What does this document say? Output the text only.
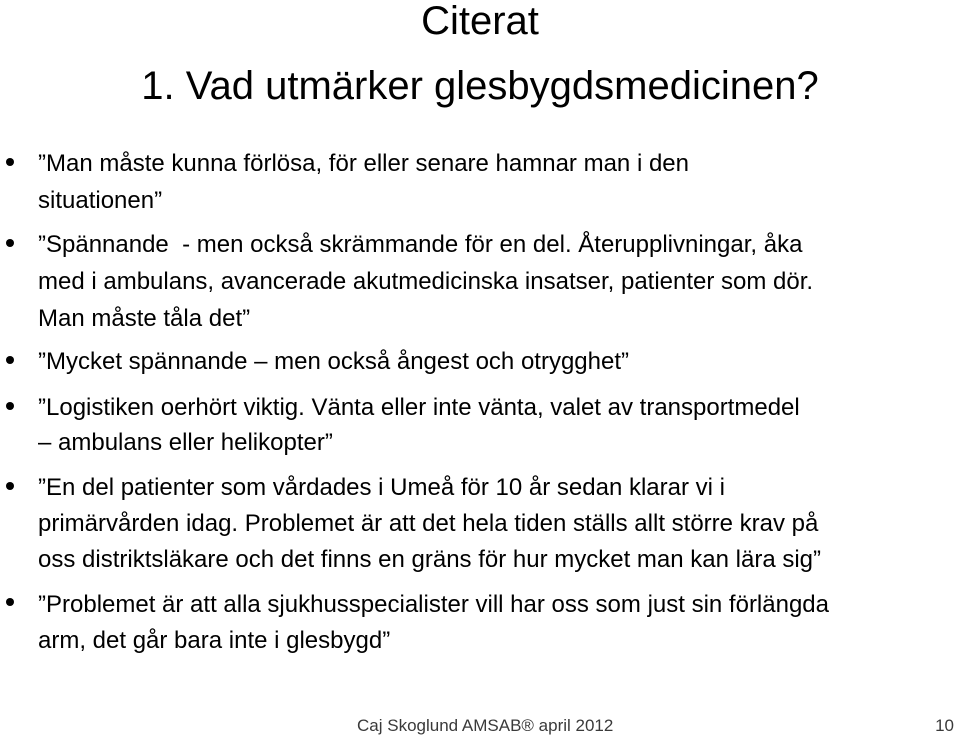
Citerat
1. Vad utmärker glesbygdsmedicinen?
”Man måste kunna förlösa, för eller senare hamnar man i den
situationen”
”Spännande  - men också skrämmande för en del. Återupplivningar, åka
med i ambulans, avancerade akutmedicinska insatser, patienter som dör.
Man måste tåla det”
”Mycket spännande – men också ångest och otrygghet”
”Logistiken oerhört viktig. Vänta eller inte vänta, valet av transportmedel
– ambulans eller helikopter”
”En del patienter som vårdades i Umeå för 10 år sedan klarar vi i
primärvården idag. Problemet är att det hela tiden ställs allt större krav på
oss distriktsläkare och det finns en gräns för hur mycket man kan lära sig”
”Problemet är att alla sjukhusspecialister vill har oss som just sin förlängda
arm, det går bara inte i glesbygd”
Caj Skoglund AMSAB® april 2012	10
